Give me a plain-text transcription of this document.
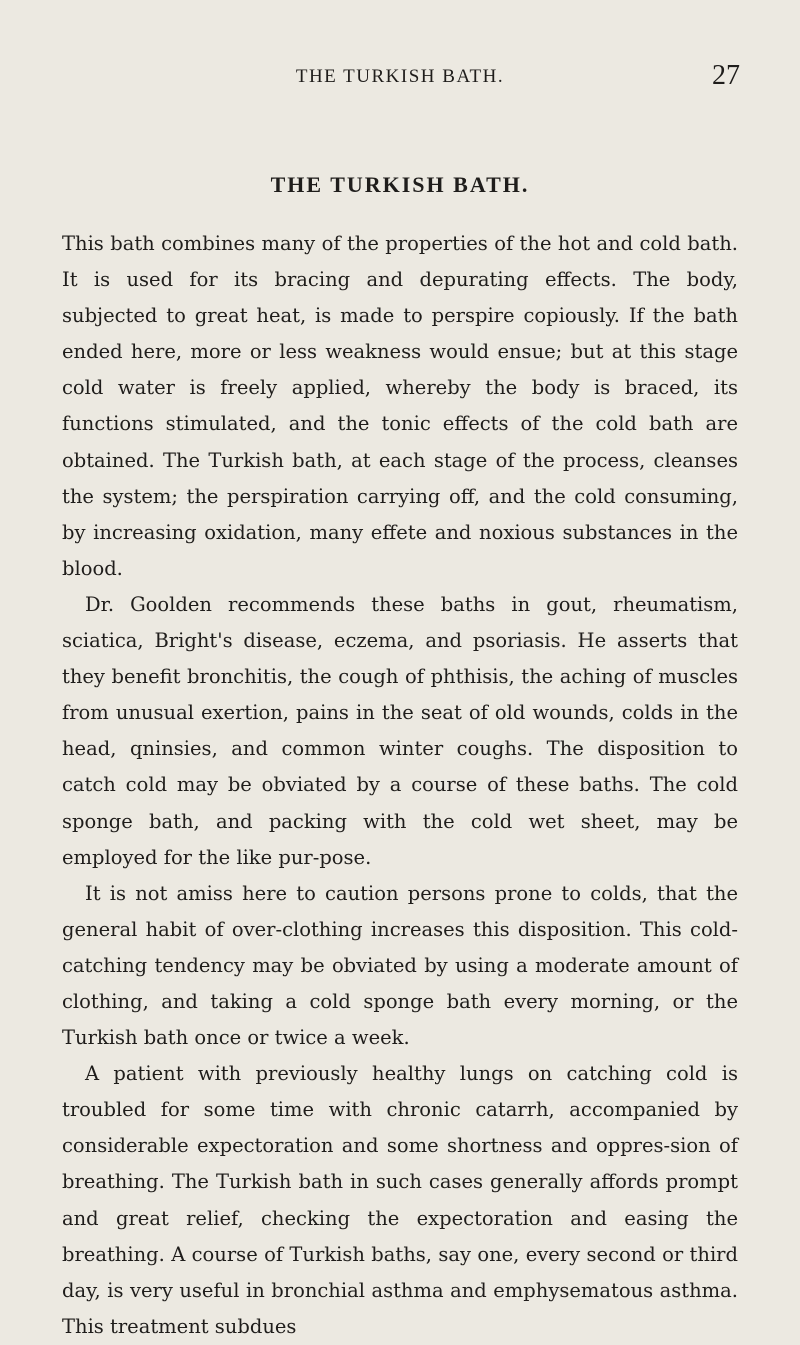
THE TURKISH BATH.	27
THE TURKISH BATH.

This bath combines many of the properties of the hot and cold bath. It is used for its bracing and depurating effects. The body, subjected to great heat, is made to perspire copiously. If the bath ended here, more or less weakness would ensue; but at this stage cold water is freely applied, whereby the body is braced, its functions stimulated, and the tonic effects of the cold bath are obtained. The Turkish bath, at each stage of the process, cleanses the system; the perspiration carrying off, and the cold consuming, by increasing oxidation, many effete and noxious substances in the blood.

Dr. Goolden recommends these baths in gout, rheumatism, sciatica, Bright's disease, eczema, and psoriasis. He asserts that they benefit bronchitis, the cough of phthisis, the aching of muscles from unusual exertion, pains in the seat of old wounds, colds in the head, qninsies, and common winter coughs. The disposition to catch cold may be obviated by a course of these baths. The cold sponge bath, and packing with the cold wet sheet, may be employed for the like pur-pose.

It is not amiss here to caution persons prone to colds, that the general habit of over-clothing increases this disposition. This cold-catching tendency may be obviated by using a moderate amount of clothing, and taking a cold sponge bath every morning, or the Turkish bath once or twice a week.

A patient with previously healthy lungs on catching cold is troubled for some time with chronic catarrh, accompanied by considerable expectoration and some shortness and oppres-sion of breathing. The Turkish bath in such cases generally affords prompt and great relief, checking the expectoration and easing the breathing. A course of Turkish baths, say one, every second or third day, is very useful in bronchial asthma and emphysematous asthma. This treatment subdues
